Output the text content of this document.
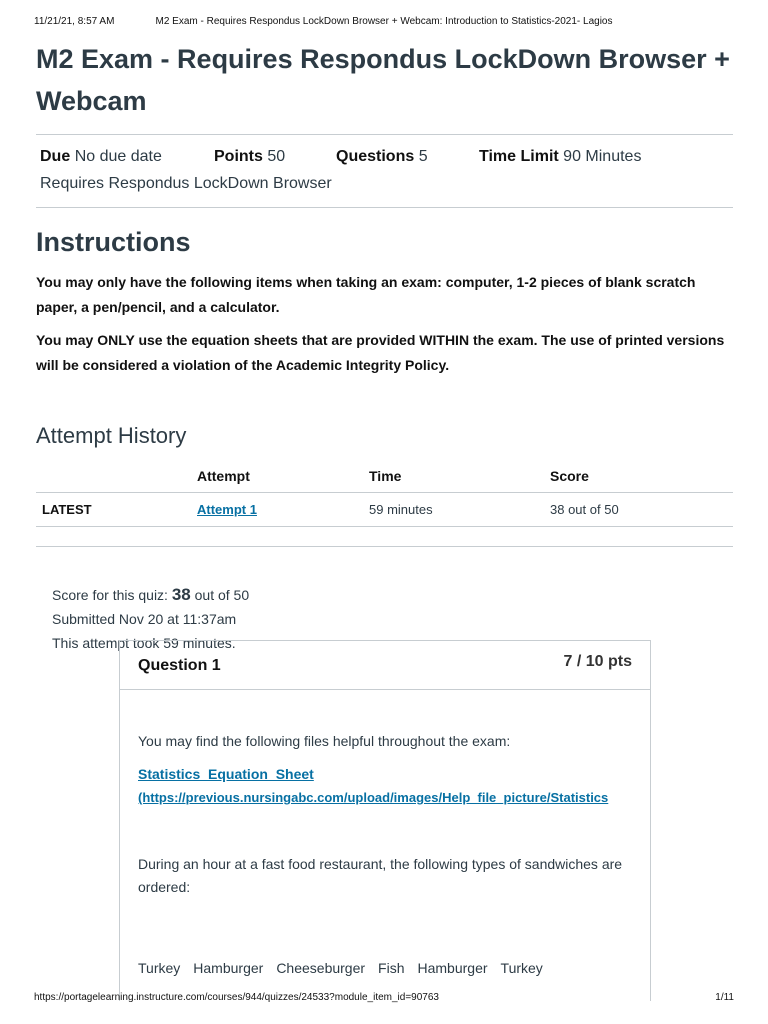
11/21/21, 8:57 AM	M2 Exam - Requires Respondus LockDown Browser + Webcam: Introduction to Statistics-2021- Lagios
M2 Exam - Requires Respondus LockDown Browser + Webcam
Due No due date	Points 50	Questions 5	Time Limit 90 Minutes
Requires Respondus LockDown Browser
Instructions

You may only have the following items when taking an exam: computer, 1-2 pieces of blank scratch paper, a pen/pencil, and a calculator.

You may ONLY use the equation sheets that are provided WITHIN the exam. The use of printed versions will be considered a violation of the Academic Integrity Policy.

Attempt History
	Attempt	Time	Score
LATEST	Attempt 1	59 minutes	38 out of 50
Score for this quiz: 38 out of 50
Submitted Nov 20 at 11:37am
This attempt took 59 minutes.
Question 1	7 / 10 pts

You may find the following files helpful throughout the exam:

Statistics_Equation_Sheet
(https://previous.nursingabc.com/upload/images/Help_file_picture/Statistics

During an hour at a fast food restaurant, the following types of sandwiches are ordered:

Turkey Hamburger Cheeseburger Fish Hamburger Turkey
https://portagelearning.instructure.com/courses/944/quizzes/24533?module_item_id=90763	1/11
